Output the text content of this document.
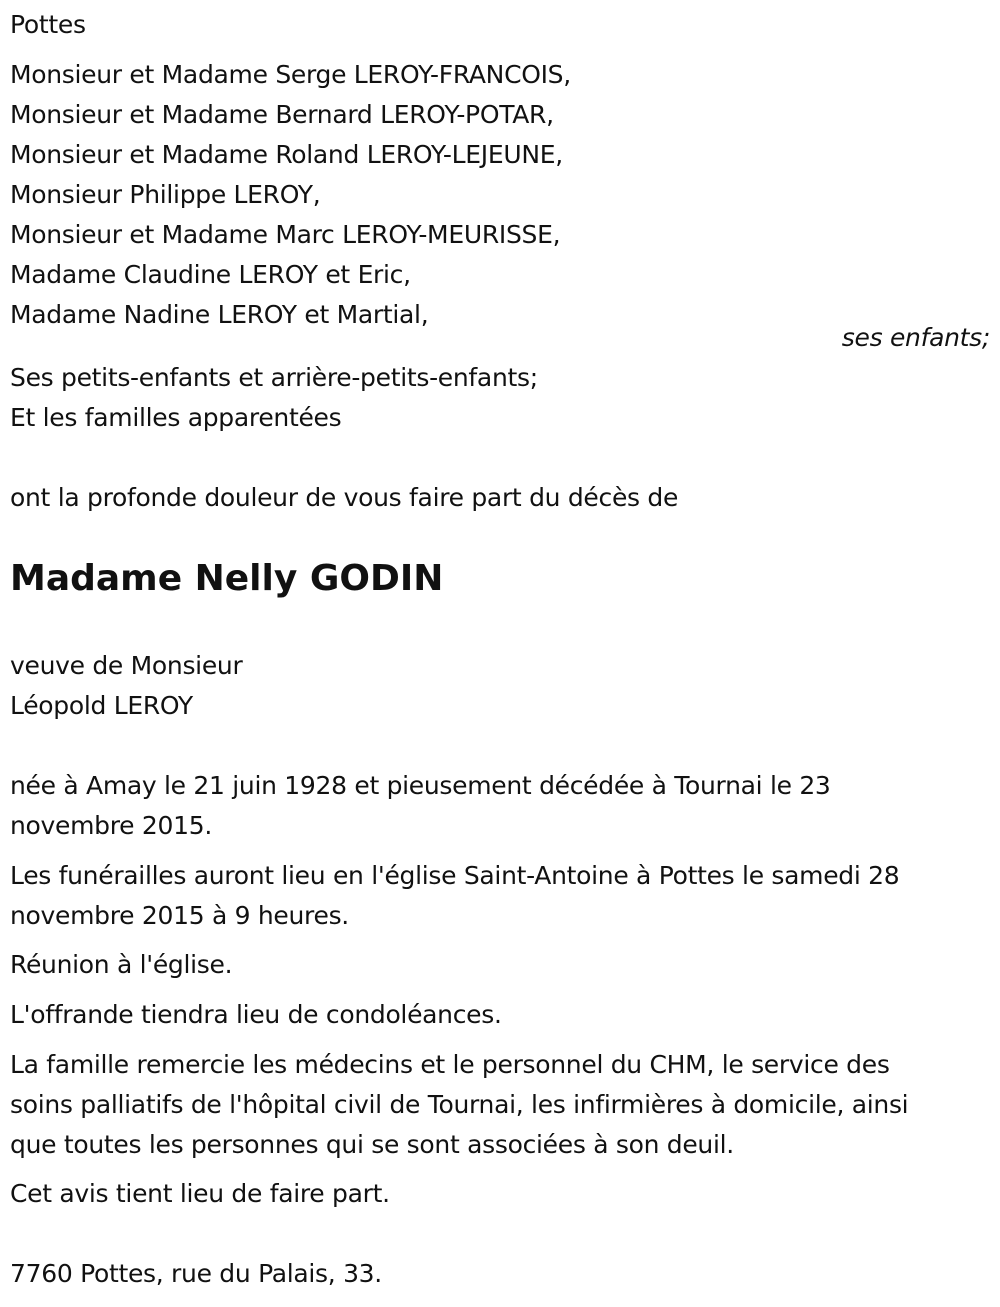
Pottes
Monsieur et Madame Serge LEROY-FRANCOIS,
Monsieur et Madame Bernard LEROY-POTAR,
Monsieur et Madame Roland LEROY-LEJEUNE,
Monsieur Philippe LEROY,
Monsieur et Madame Marc LEROY-MEURISSE,
Madame Claudine LEROY et Eric,
Madame Nadine LEROY et Martial,
ses enfants;
Ses petits-enfants et arrière-petits-enfants;
Et les familles apparentées
ont la profonde douleur de vous faire part du décès de
Madame Nelly GODIN
veuve de Monsieur
Léopold LEROY
née à Amay le 21 juin 1928 et pieusement décédée à Tournai le 23
novembre 2015.
Les funérailles auront lieu en l'église Saint-Antoine à Pottes le samedi 28
novembre 2015 à 9 heures.
Réunion à l'église.
L'offrande tiendra lieu de condoléances.
La famille remercie les médecins et le personnel du CHM, le service des
soins palliatifs de l'hôpital civil de Tournai, les infirmières à domicile, ainsi
que toutes les personnes qui se sont associées à son deuil.
Cet avis tient lieu de faire part.
7760 Pottes, rue du Palais, 33.
